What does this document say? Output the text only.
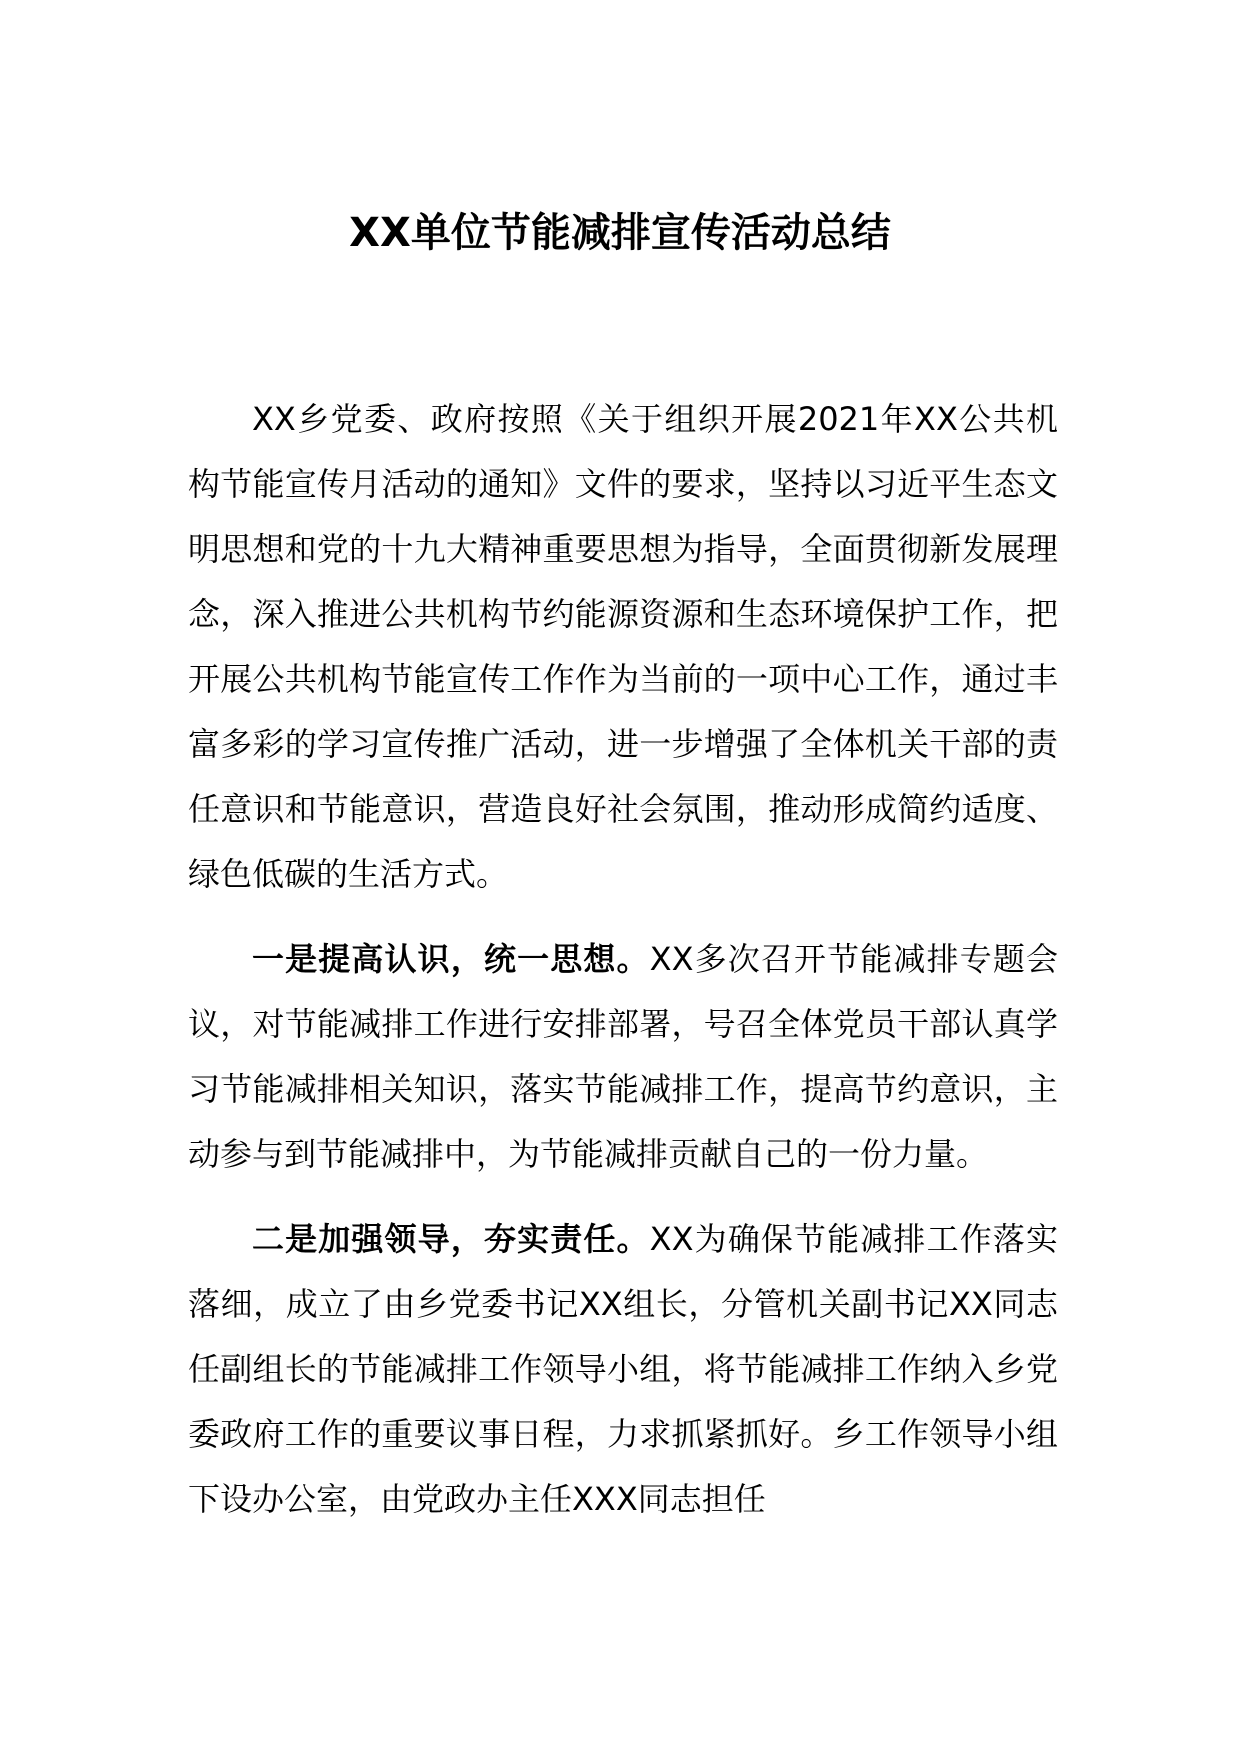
XX单位节能减排宣传活动总结

XX乡党委、政府按照《关于组织开展2021年XX公共机构节能宣传月活动的通知》文件的要求，坚持以习近平生态文明思想和党的十九大精神重要思想为指导，全面贯彻新发展理念，深入推进公共机构节约能源资源和生态环境保护工作，把开展公共机构节能宣传工作作为当前的一项中心工作，通过丰富多彩的学习宣传推广活动，进一步增强了全体机关干部的责任意识和节能意识，营造良好社会氛围，推动形成简约适度、绿色低碳的生活方式。

一是提高认识，统一思想。XX多次召开节能减排专题会议，对节能减排工作进行安排部署，号召全体党员干部认真学习节能减排相关知识，落实节能减排工作，提高节约意识，主动参与到节能减排中，为节能减排贡献自己的一份力量。

二是加强领导，夯实责任。XX为确保节能减排工作落实落细，成立了由乡党委书记XX组长，分管机关副书记XX同志任副组长的节能减排工作领导小组，将节能减排工作纳入乡党委政府工作的重要议事日程，力求抓紧抓好。乡工作领导小组下设办公室，由党政办主任XXX同志担任
